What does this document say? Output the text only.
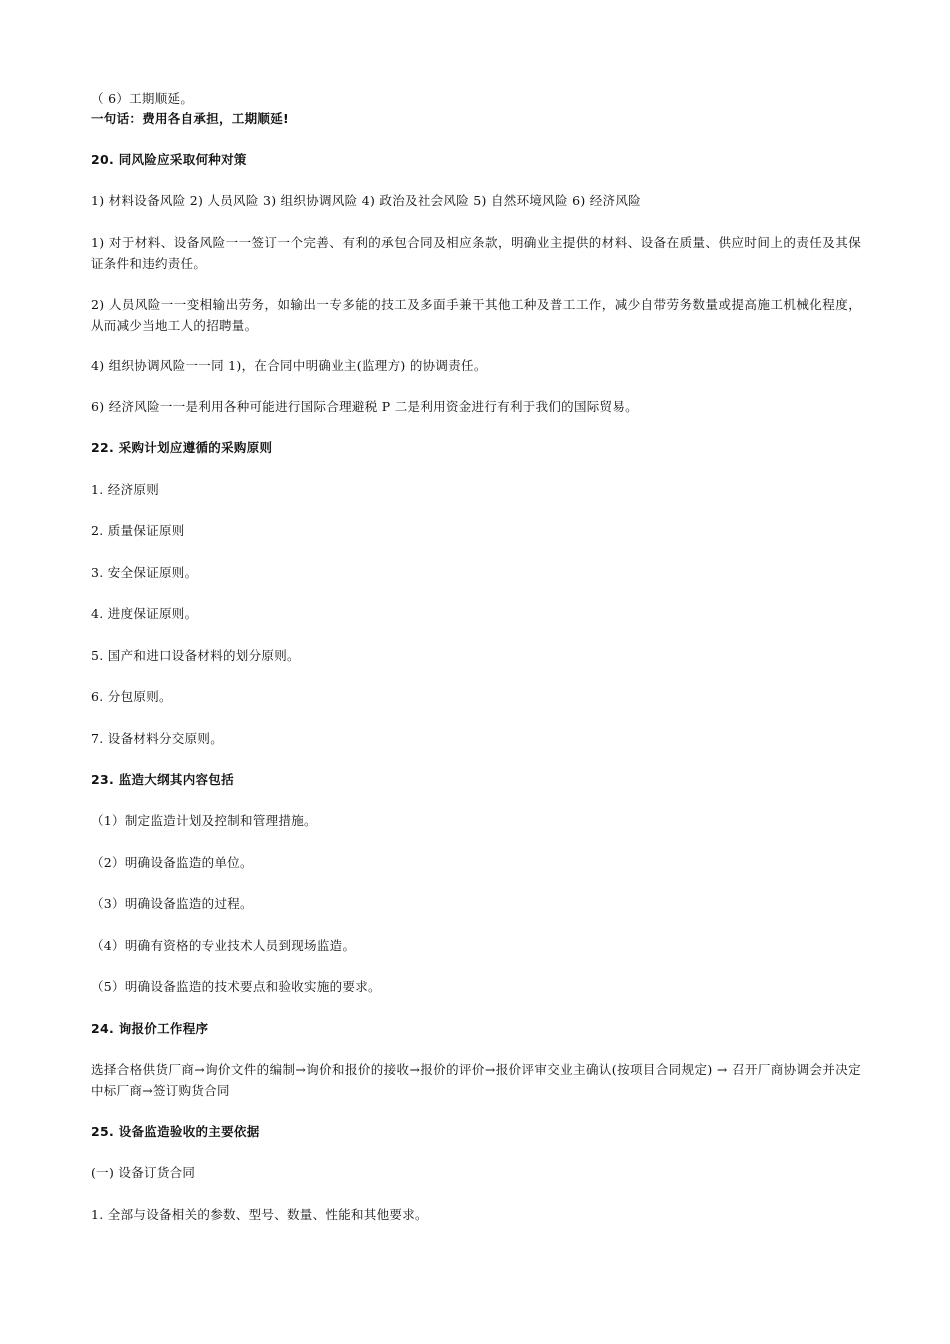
（ 6）工期顺延。
一句话：费用各自承担，工期顺延!
20. 同风险应采取何种对策
1) 材料设备风险 2) 人员风险 3) 组织协调风险 4) 政治及社会风险 5) 自然环境风险 6) 经济风险
1) 对于材料、设备风险一一签订一个完善、有利的承包合同及相应条款，明确业主提供的材料、设备在质量、供应时间上的责任及其保证条件和违约责任。
2) 人员风险一一变相输出劳务，如输出一专多能的技工及多面手兼干其他工种及普工工作，减少自带劳务数量或提高施工机械化程度，从而减少当地工人的招聘量。
4) 组织协调风险一一同 1)，在合同中明确业主(监理方) 的协调责任。
6) 经济风险一一是利用各种可能进行国际合理避税 P 二是利用资金进行有利于我们的国际贸易。
22. 采购计划应遵循的采购原则
1. 经济原则
2. 质量保证原则
3. 安全保证原则。
4. 进度保证原则。
5. 国产和进口设备材料的划分原则。
6. 分包原则。
7. 设备材料分交原则。
23. 监造大纲其内容包括
（1）制定监造计划及控制和管理措施。
（2）明确设备监造的单位。
（3）明确设备监造的过程。
（4）明确有资格的专业技术人员到现场监造。
（5）明确设备监造的技术要点和验收实施的要求。
24. 询报价工作程序
选择合格供货厂商→询价文件的编制→询价和报价的接收→报价的评价→报价评审交业主确认(按项目合同规定) → 召开厂商协调会并决定中标厂商→签订购货合同
25. 设备监造验收的主要依据
(一) 设备订货合同
1. 全部与设备相关的参数、型号、数量、性能和其他要求。
